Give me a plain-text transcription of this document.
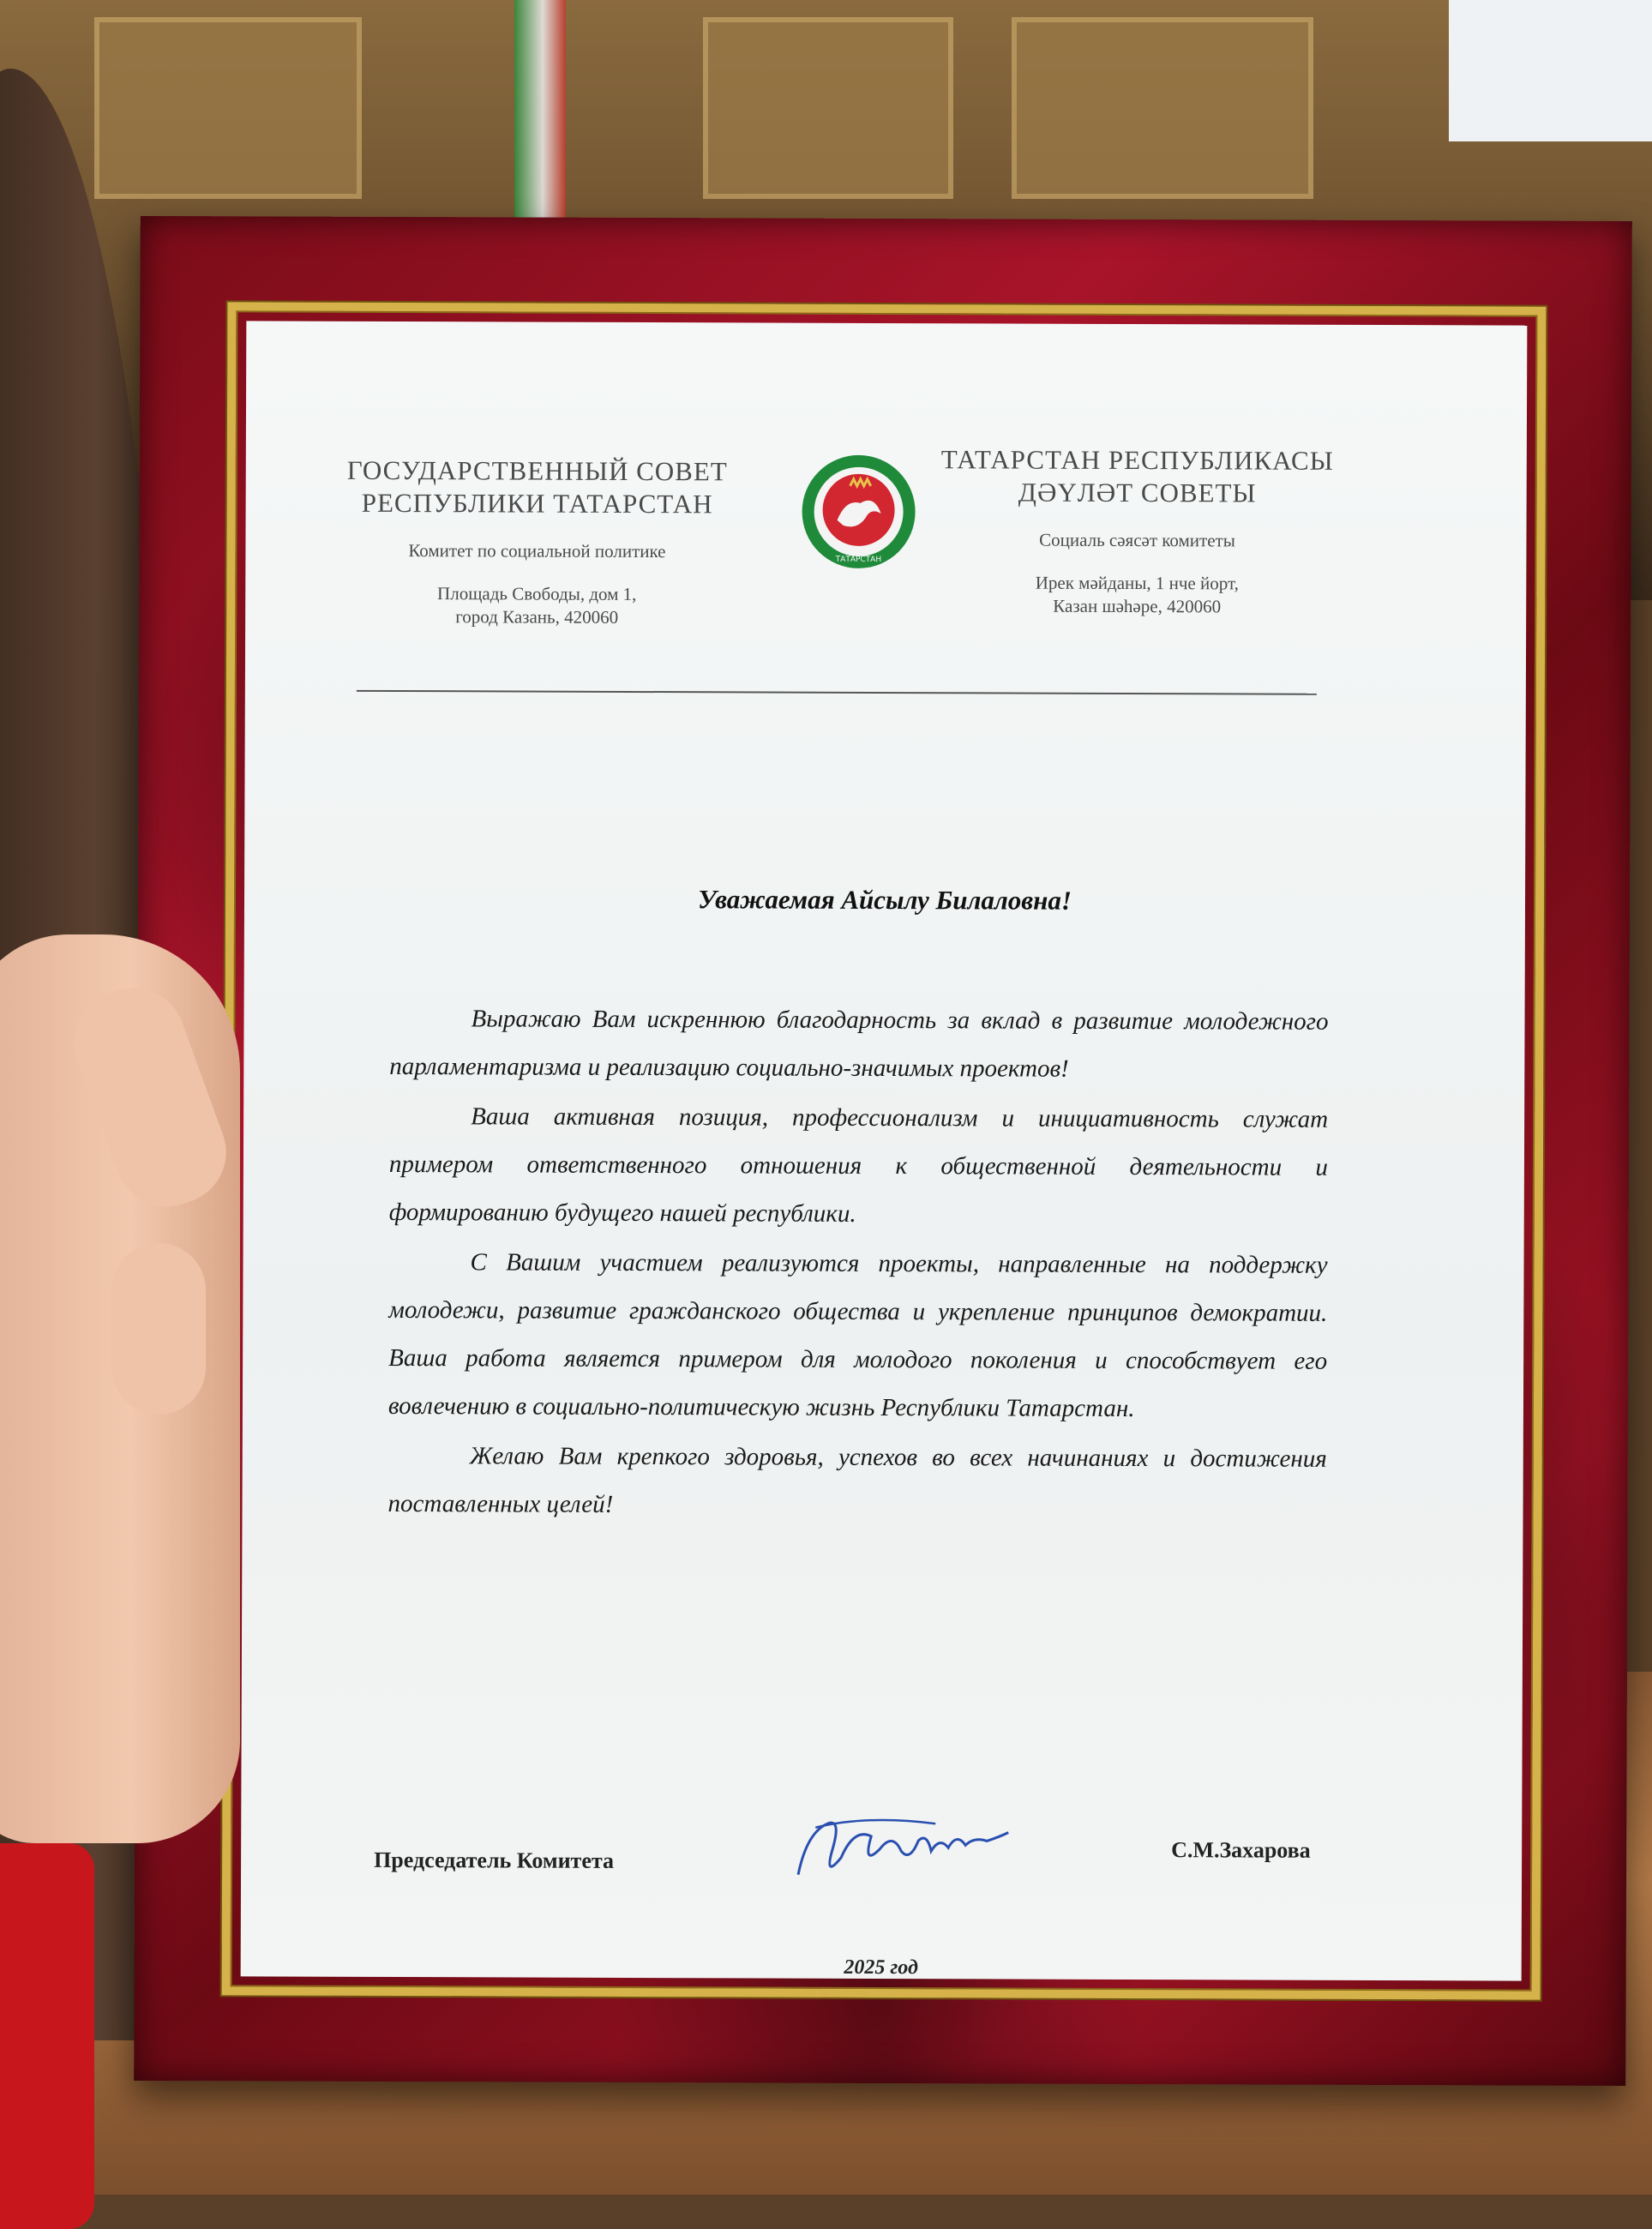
ГОСУДАРСТВЕННЫЙ СОВЕТ
РЕСПУБЛИКИ ТАТАРСТАН
Комитет по социальной политике
Площадь Свободы, дом 1,
город Казань, 420060
ТАТАРСТАН
ТАТАРСТАН РЕСПУБЛИКАСЫ
ДӘҮЛӘТ СОВЕТЫ
Социаль сәясәт комитеты
Ирек мәйданы, 1 нче йорт,
Казан шәһәре, 420060
Уважаемая Айсылу Билаловна!

Выражаю Вам искреннюю благодарность за вклад в развитие молодежного парламентаризма и реализацию социально-значимых проектов!

Ваша активная позиция, профессионализм и инициативность служат примером ответственного отношения к общественной деятельности и формированию будущего нашей республики.

С Вашим участием реализуются проекты, направленные на поддержку молодежи, развитие гражданского общества и укрепление принципов демократии. Ваша работа является примером для молодого поколения и способствует его вовлечению в социально-политическую жизнь Республики Татарстан.

Желаю Вам крепкого здоровья, успехов во всех начинаниях и достижения поставленных целей!

Председатель Комитета	С.М.Захарова
2025 год
